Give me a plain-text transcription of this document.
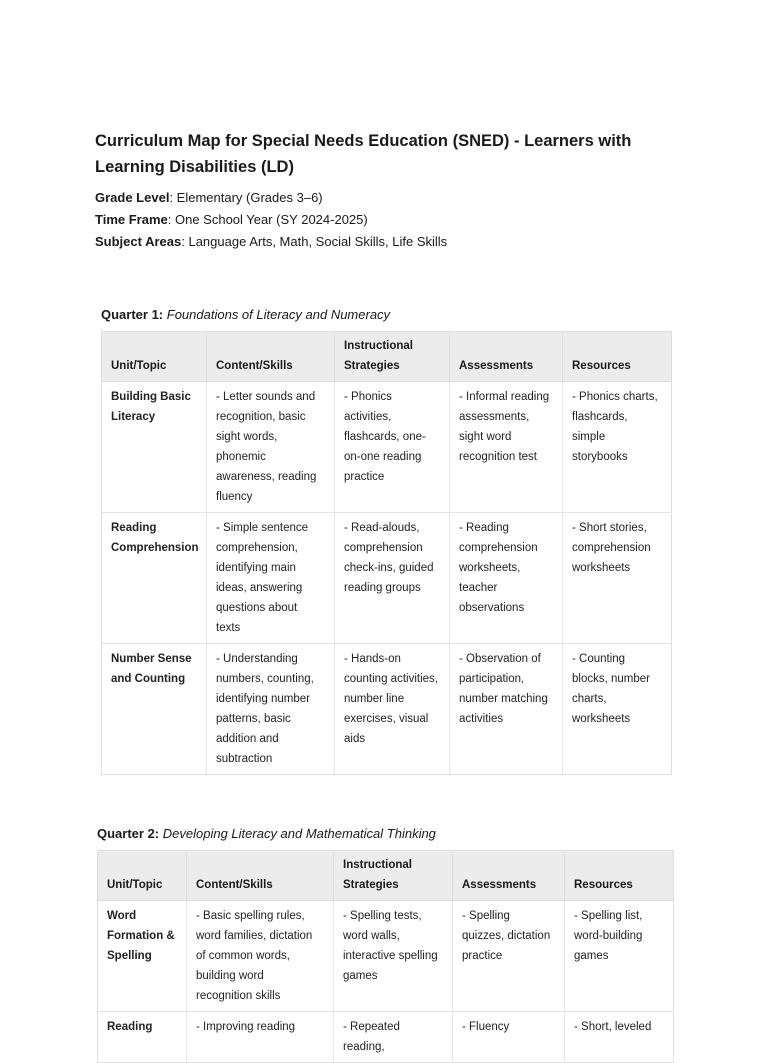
Curriculum Map for Special Needs Education (SNED) - Learners with Learning Disabilities (LD)
Grade Level: Elementary (Grades 3–6)
Time Frame: One School Year (SY 2024-2025)
Subject Areas: Language Arts, Math, Social Skills, Life Skills
Quarter 1: Foundations of Literacy and Numeracy
Unit/Topic	Content/Skills	Instructional Strategies	Assessments	Resources
Building Basic Literacy	- Letter sounds and recognition, basic sight words, phonemic awareness, reading fluency	- Phonics activities, flashcards, one-on-one reading practice	- Informal reading assessments, sight word recognition test	- Phonics charts, flashcards, simple storybooks
Reading Comprehension	- Simple sentence comprehension, identifying main ideas, answering questions about texts	- Read-alouds, comprehension check-ins, guided reading groups	- Reading comprehension worksheets, teacher observations	- Short stories, comprehension worksheets
Number Sense and Counting	- Understanding numbers, counting, identifying number patterns, basic addition and subtraction	- Hands-on counting activities, number line exercises, visual aids	- Observation of participation, number matching activities	- Counting blocks, number charts, worksheets
Quarter 2: Developing Literacy and Mathematical Thinking
Unit/Topic	Content/Skills	Instructional Strategies	Assessments	Resources
Word Formation & Spelling	- Basic spelling rules, word families, dictation of common words, building word recognition skills	- Spelling tests, word walls, interactive spelling games	- Spelling quizzes, dictation practice	- Spelling list, word-building games
Reading	- Improving reading	- Repeated reading,	- Fluency	- Short, leveled
